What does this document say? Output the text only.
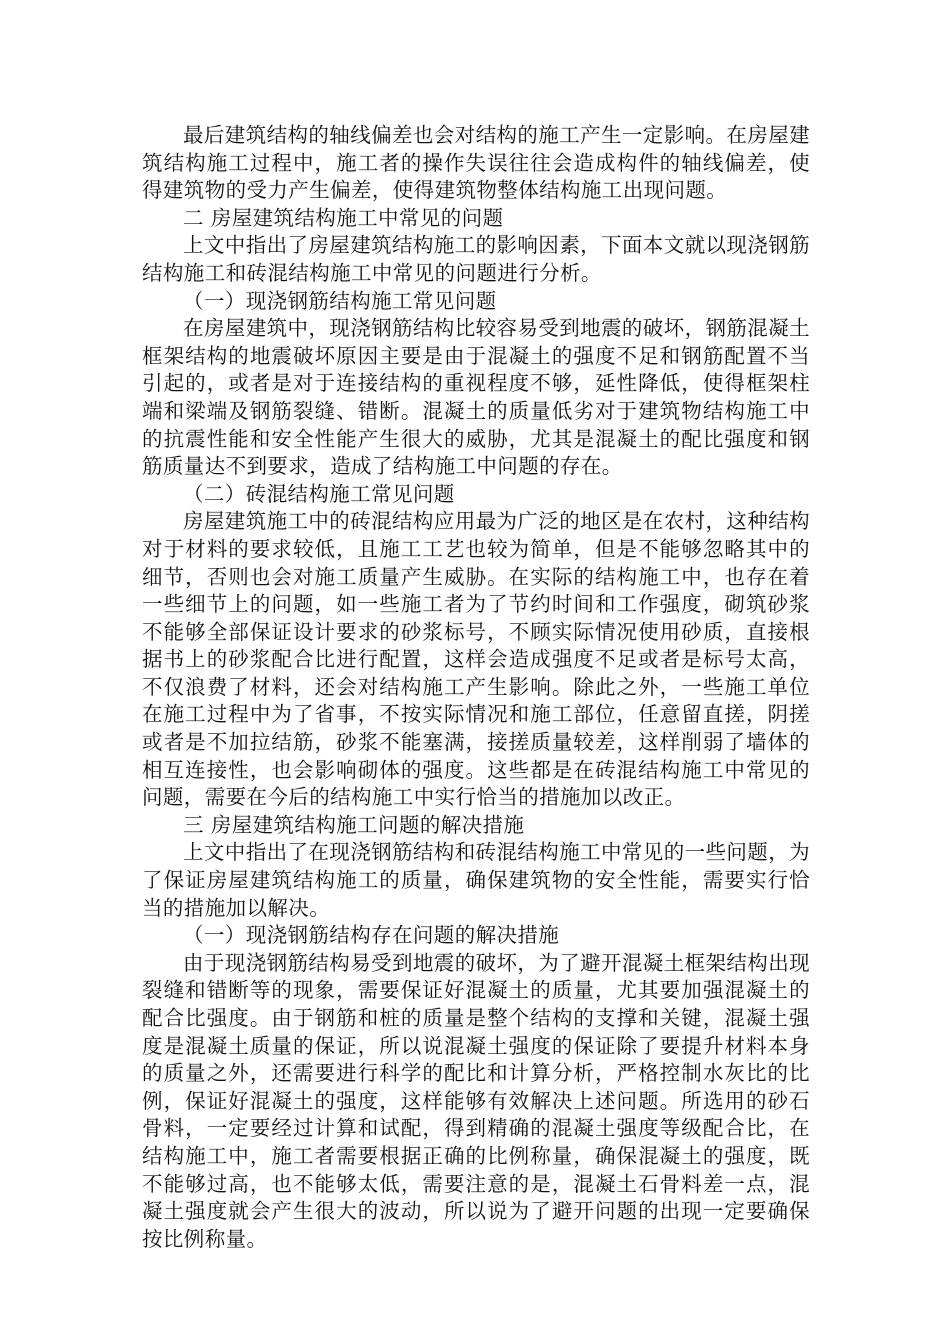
最后建筑结构的轴线偏差也会对结构的施工产生一定影响。在房屋建筑结构施工过程中，施工者的操作失误往往会造成构件的轴线偏差，使得建筑物的受力产生偏差，使得建筑物整体结构施工出现问题。

二 房屋建筑结构施工中常见的问题

上文中指出了房屋建筑结构施工的影响因素，下面本文就以现浇钢筋结构施工和砖混结构施工中常见的问题进行分析。

（一）现浇钢筋结构施工常见问题

在房屋建筑中，现浇钢筋结构比较容易受到地震的破坏，钢筋混凝土框架结构的地震破坏原因主要是由于混凝土的强度不足和钢筋配置不当引起的，或者是对于连接结构的重视程度不够，延性降低，使得框架柱端和梁端及钢筋裂缝、错断。混凝土的质量低劣对于建筑物结构施工中的抗震性能和安全性能产生很大的威胁，尤其是混凝土的配比强度和钢筋质量达不到要求，造成了结构施工中问题的存在。

（二）砖混结构施工常见问题

房屋建筑施工中的砖混结构应用最为广泛的地区是在农村，这种结构对于材料的要求较低，且施工工艺也较为简单，但是不能够忽略其中的细节，否则也会对施工质量产生威胁。在实际的结构施工中，也存在着一些细节上的问题，如一些施工者为了节约时间和工作强度，砌筑砂浆不能够全部保证设计要求的砂浆标号，不顾实际情况使用砂质，直接根据书上的砂浆配合比进行配置，这样会造成强度不足或者是标号太高，不仅浪费了材料，还会对结构施工产生影响。除此之外，一些施工单位在施工过程中为了省事，不按实际情况和施工部位，任意留直搓，阴搓或者是不加拉结筋，砂浆不能塞满，接搓质量较差，这样削弱了墙体的相互连接性，也会影响砌体的强度。这些都是在砖混结构施工中常见的问题，需要在今后的结构施工中实行恰当的措施加以改正。

三 房屋建筑结构施工问题的解决措施

上文中指出了在现浇钢筋结构和砖混结构施工中常见的一些问题，为了保证房屋建筑结构施工的质量，确保建筑物的安全性能，需要实行恰当的措施加以解决。

（一）现浇钢筋结构存在问题的解决措施

由于现浇钢筋结构易受到地震的破坏，为了避开混凝土框架结构出现裂缝和错断等的现象，需要保证好混凝土的质量，尤其要加强混凝土的配合比强度。由于钢筋和桩的质量是整个结构的支撑和关键，混凝土强度是混凝土质量的保证，所以说混凝土强度的保证除了要提升材料本身的质量之外，还需要进行科学的配比和计算分析，严格控制水灰比的比例，保证好混凝土的强度，这样能够有效解决上述问题。所选用的砂石骨料，一定要经过计算和试配，得到精确的混凝土强度等级配合比，在结构施工中，施工者需要根据正确的比例称量，确保混凝土的强度，既不能够过高，也不能够太低，需要注意的是，混凝土石骨料差一点，混凝土强度就会产生很大的波动，所以说为了避开问题的出现一定要确保按比例称量。
